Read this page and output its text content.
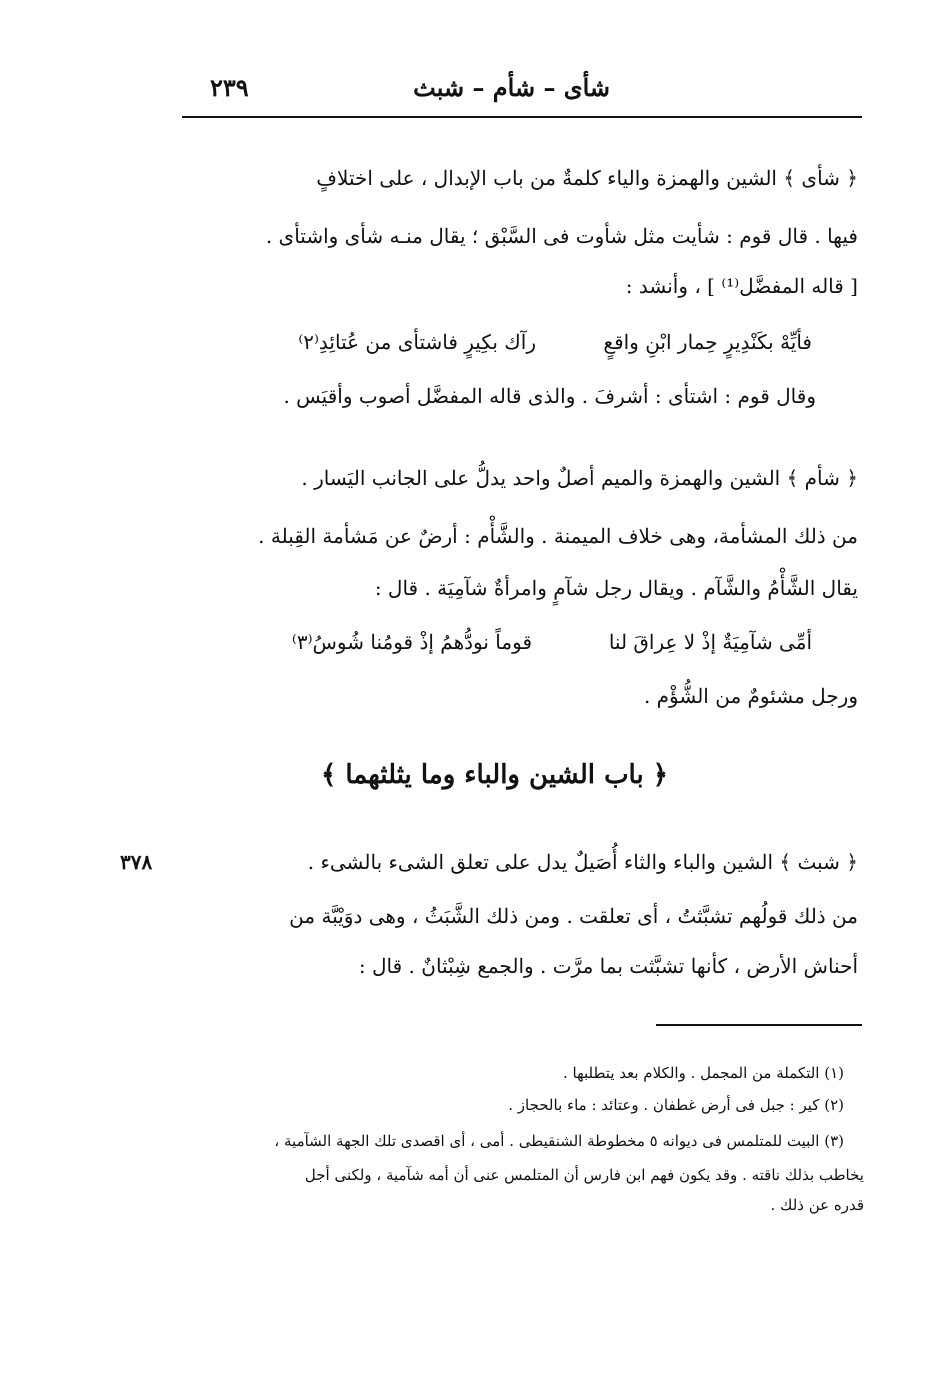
شأى – شأم – شبث
٢٣٩
﴿ شأى ﴾ الشين والهمزة والياء كلمةٌ من باب الإبدال ، على اختلافٍ
فيها . قال قوم : شأيت مثل شأوت فى السَّبْق ؛ يقال منـه شأى واشتأى .
[ قاله المفضَّل⁽¹⁾ ] ، وأنشد :
فأيِّهْ بكَنْدِيرٍ حِمار ابْنِ واقعٍ
رآك بكِيرٍ فاشتأى من عُتائِدِ⁽٢⁾
وقال قوم : اشتأى : أشرفَ . والذى قاله المفضَّل أصوب وأقيَس .
﴿ شأم ﴾ الشين والهمزة والميم أصلٌ واحد يدلُّ على الجانب اليَسار .
من ذلك المشأمة، وهى خلاف الميمنة . والشَّأْم : أرضٌ عن مَشأمة القِبلة .
يقال الشَّأْمُ والشَّآم . ويقال رجل شآمٍ وامرأةٌ شآمِيَة . قال :
أمِّى شآمِيَةٌ إذْ لا عِراقَ لنا
قوماً نودُّهمُ إذْ قومُنا شُوسُ⁽٣⁾
ورجل مشئومٌ من الشُّؤْم .
﴿ باب الشين والباء وما يثلثهما ﴾
٣٧٨	﴿ شبث ﴾ الشين والباء والثاء أُصَيلٌ يدل على تعلق الشىء بالشىء .
من ذلك قولُهم تشبَّثتُ ، أى تعلقت . ومن ذلك الشَّبَثُ ، وهى دوَيْبَّة من
أحناش الأرض ، كأنها تشبَّثت بما مرَّت . والجمع شِبْثانٌ . قال :
(١) التكملة من المجمل . والكلام بعد يتطلبها .
(٢) كير : جبل فى أرض غطفان . وعتائد : ماء بالحجاز .
(٣) البيت للمتلمس فى ديوانه ٥ مخطوطة الشنقيطى . أمى ، أى اقصدى تلك الجهة الشآمية ،
يخاطب بذلك ناقته . وقد يكون فهم ابن فارس أن المتلمس عنى أن أمه شآمية ، ولكنى أجل
قدره عن ذلك .
